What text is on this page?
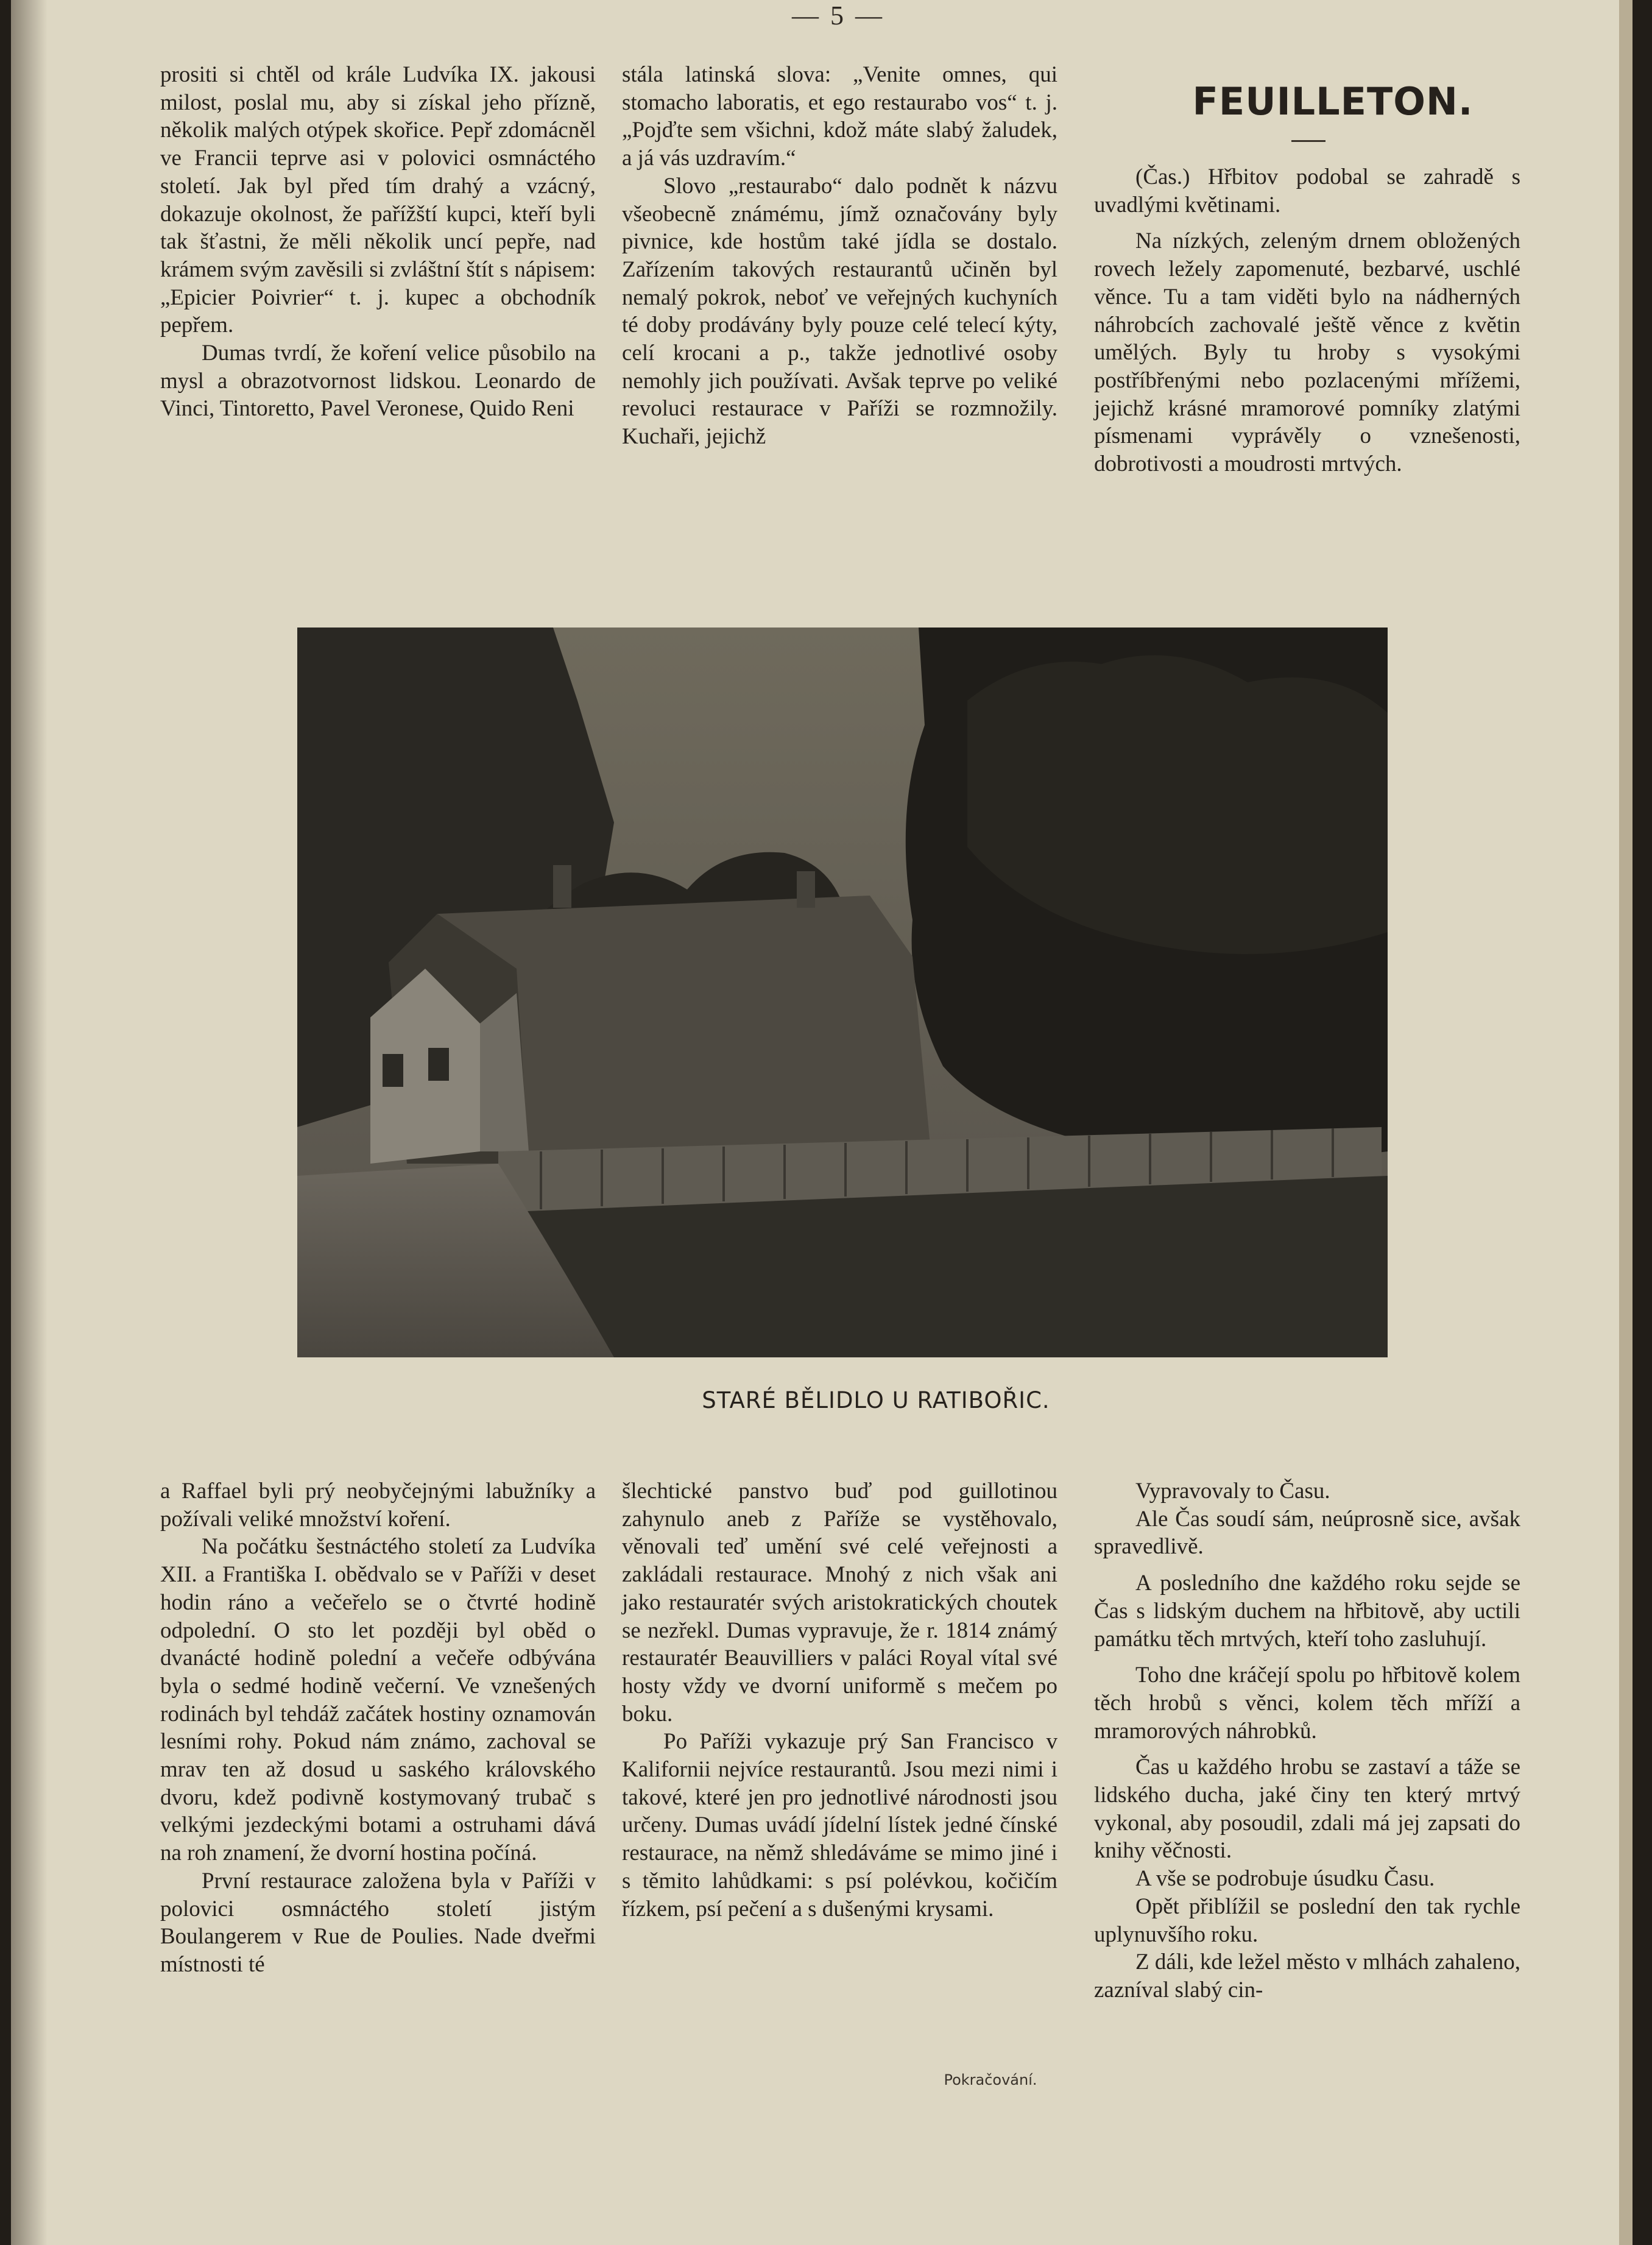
— 5 —

prositi si chtěl od krále Ludvíka IX. jakousi milost, poslal mu, aby si získal jeho přízně, několik malých otýpek skořice. Pepř zdomácněl ve Francii teprve asi v polovici osmnáctého století. Jak byl před tím drahý a vzácný, dokazuje okolnost, že pařížští kupci, kteří byli tak šťastni, že měli několik uncí pepře, nad krámem svým zavěsili si zvláštní štít s nápisem: „Epicier Poivrier“ t. j. kupec a obchodník pepřem.

Dumas tvrdí, že koření velice působilo na mysl a obrazotvornost lidskou. Leonardo de Vinci, Tintoretto, Pavel Veronese, Quido Reni

stála latinská slova: „Venite omnes, qui stomacho laboratis, et ego restaurabo vos“ t. j. „Pojďte sem všichni, kdož máte slabý žaludek, a já vás uzdravím.“

Slovo „restaurabo“ dalo podnět k názvu všeobecně známému, jímž označovány byly pivnice, kde hostům také jídla se dostalo. Zařízením takových restaurantů učiněn byl nemalý pokrok, neboť ve veřejných kuchyních té doby prodávány byly pouze celé telecí kýty, celí krocani a p., takže jednotlivé osoby nemohly jich používati. Avšak teprve po veliké revoluci restaurace v Paříži se rozmnožily. Kuchaři, jejichž

FEUILLETON.

(Čas.) Hřbitov podobal se zahradě s uvadlými květinami.

Na nízkých, zeleným drnem obložených rovech ležely zapomenuté, bezbarvé, uschlé věnce. Tu a tam viděti bylo na nádherných náhrobcích zachovalé ještě věnce z květin umělých. Byly tu hroby s vysokými postříbřenými nebo pozlacenými mřížemi, jejichž krásné mramorové pomníky zlatými písmenami vyprávěly o vznešenosti, dobrotivosti a moudrosti mrtvých.

STARÉ BĚLIDLO U RATIBOŘIC.

a Raffael byli prý neobyčejnými labužníky a požívali veliké množství koření.

Na počátku šestnáctého století za Ludvíka XII. a Františka I. obědvalo se v Paříži v deset hodin ráno a večeřelo se o čtvrté hodině odpolední. O sto let později byl oběd o dvanácté hodině polední a večeře odbývána byla o sedmé hodině večerní. Ve vznešených rodinách byl tehdáž začátek hostiny oznamován lesními rohy. Pokud nám známo, zachoval se mrav ten až dosud u saského královského dvoru, kdež podivně kostymovaný trubač s velkými jezdeckými botami a ostruhami dává na roh znamení, že dvorní hostina počíná.

První restaurace založena byla v Paříži v polovici osmnáctého století jistým Boulangerem v Rue de Poulies. Nade dveřmi místnosti té

šlechtické panstvo buď pod guillotinou zahynulo aneb z Paříže se vystěhovalo, věnovali teď umění své celé veřejnosti a zakládali restaurace. Mnohý z nich však ani jako restauratér svých aristokratických choutek se nezřekl. Dumas vypravuje, že r. 1814 známý restauratér Beauvilliers v paláci Royal vítal své hosty vždy ve dvorní uniformě s mečem po boku.

Po Paříži vykazuje prý San Francisco v Kalifornii nejvíce restaurantů. Jsou mezi nimi i takové, které jen pro jednotlivé národnosti jsou určeny. Dumas uvádí jídelní lístek jedné čínské restaurace, na němž shledáváme se mimo jiné i s těmito lahůdkami: s psí polévkou, kočičím řízkem, psí pečení a s dušenými krysami.

Pokračování.

Vypravovaly to Času.

Ale Čas soudí sám, neúprosně sice, avšak spravedlivě.

A posledního dne každého roku sejde se Čas s lidským duchem na hřbitově, aby uctili památku těch mrtvých, kteří toho zasluhují.

Toho dne kráčejí spolu po hřbitově kolem těch hrobů s věnci, kolem těch mříží a mramorových náhrobků.

Čas u každého hrobu se zastaví a táže se lidského ducha, jaké činy ten který mrtvý vykonal, aby posoudil, zdali má jej zapsati do knihy věčnosti.

A vše se podrobuje úsudku Času.

Opět přiblížil se poslední den tak rychle uplynuvšího roku.

Z dáli, kde ležel město v mlhách zahaleno, zazníval slabý cin-
